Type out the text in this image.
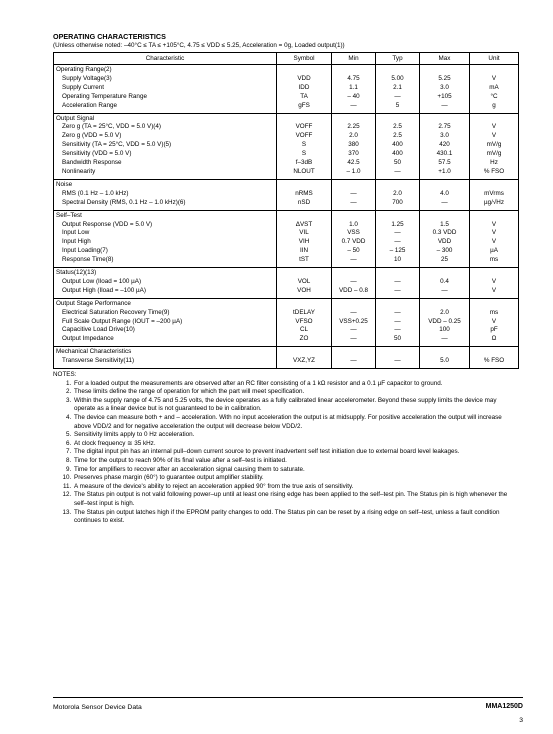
OPERATING CHARACTERISTICS

(Unless otherwise noted: –40°C ≤ TA ≤ +105°C, 4.75 ≤ VDD ≤ 5.25, Acceleration = 0g, Loaded output(1))

Characteristic	Symbol	Min	Typ	Max	Unit
Operating Range(2)					
Supply Voltage(3)	VDD	4.75	5.00	5.25	V
Supply Current	IDD	1.1	2.1	3.0	mA
Operating Temperature Range	TA	– 40	—	+105	°C
Acceleration Range	gFS	—	5	—	g
Output Signal					
Zero g (TA = 25°C, VDD = 5.0 V)(4)	VOFF	2.25	2.5	2.75	V
Zero g (VDD = 5.0 V)	VOFF	2.0	2.5	3.0	V
Sensitivity (TA = 25°C, VDD = 5.0 V)(5)	S	380	400	420	mV/g
Sensitivity (VDD = 5.0 V)	S	370	400	430.1	mV/g
Bandwidth Response	f–3dB	42.5	50	57.5	Hz
Nonlinearity	NLOUT	– 1.0	—	+1.0	% FSO
Noise					
RMS (0.1 Hz – 1.0 kHz)	nRMS	—	2.0	4.0	mVrms
Spectral Density (RMS, 0.1 Hz – 1.0 kHz)(6)	nSD	—	700	—	µg/√Hz
Self–Test					
Output Response (VDD = 5.0 V)	ΔVST	1.0	1.25	1.5	V
Input Low	VIL	VSS	—	0.3 VDD	V
Input High	VIH	0.7 VDD	—	VDD	V
Input Loading(7)	IIN	– 50	– 125	– 300	µA
Response Time(8)	tST	—	10	25	ms
Status(12)(13)					
Output Low (Iload = 100 µA)	VOL	—	—	0.4	V
Output High (Iload = –100 µA)	VOH	VDD – 0.8	—	—	V
Output Stage Performance					
Electrical Saturation Recovery Time(9)	tDELAY	—	—	2.0	ms
Full Scale Output Range (IOUT = –200 µA)	VFSO	VSS+0.25	—	VDD – 0.25	V
Capacitive Load Drive(10)	CL	—	—	100	pF
Output Impedance	ZO	—	50	—	Ω
Mechanical Characteristics					
Transverse Sensitivity(11)	VXZ,YZ	—	—	5.0	% FSO

NOTES:

1. For a loaded output the measurements are observed after an RC filter consisting of a 1 kΩ resistor and a 0.1 µF capacitor to ground.
2. These limits define the range of operation for which the part will meet specification.
3. Within the supply range of 4.75 and 5.25 volts, the device operates as a fully calibrated linear accelerometer. Beyond these supply limits the device may operate as a linear device but is not guaranteed to be in calibration.
4. The device can measure both + and – acceleration. With no input acceleration the output is at midsupply. For positive acceleration the output will increase above VDD/2 and for negative acceleration the output will decrease below VDD/2.
5. Sensitivity limits apply to 0 Hz acceleration.
6. At clock frequency ≅ 35 kHz.
7. The digital input pin has an internal pull–down current source to prevent inadvertent self test initiation due to external board level leakages.
8. Time for the output to reach 90% of its final value after a self–test is initiated.
9. Time for amplifiers to recover after an acceleration signal causing them to saturate.
10. Preserves phase margin (60°) to guarantee output amplifier stability.
11. A measure of the device's ability to reject an acceleration applied 90° from the true axis of sensitivity.
12. The Status pin output is not valid following power–up until at least one rising edge has been applied to the self–test pin. The Status pin is high whenever the self–test input is high.
13. The Status pin output latches high if the EPROM parity changes to odd. The Status pin can be reset by a rising edge on self–test, unless a fault condition continues to exist.
Motorola Sensor Device Data	MMA1250D
3
